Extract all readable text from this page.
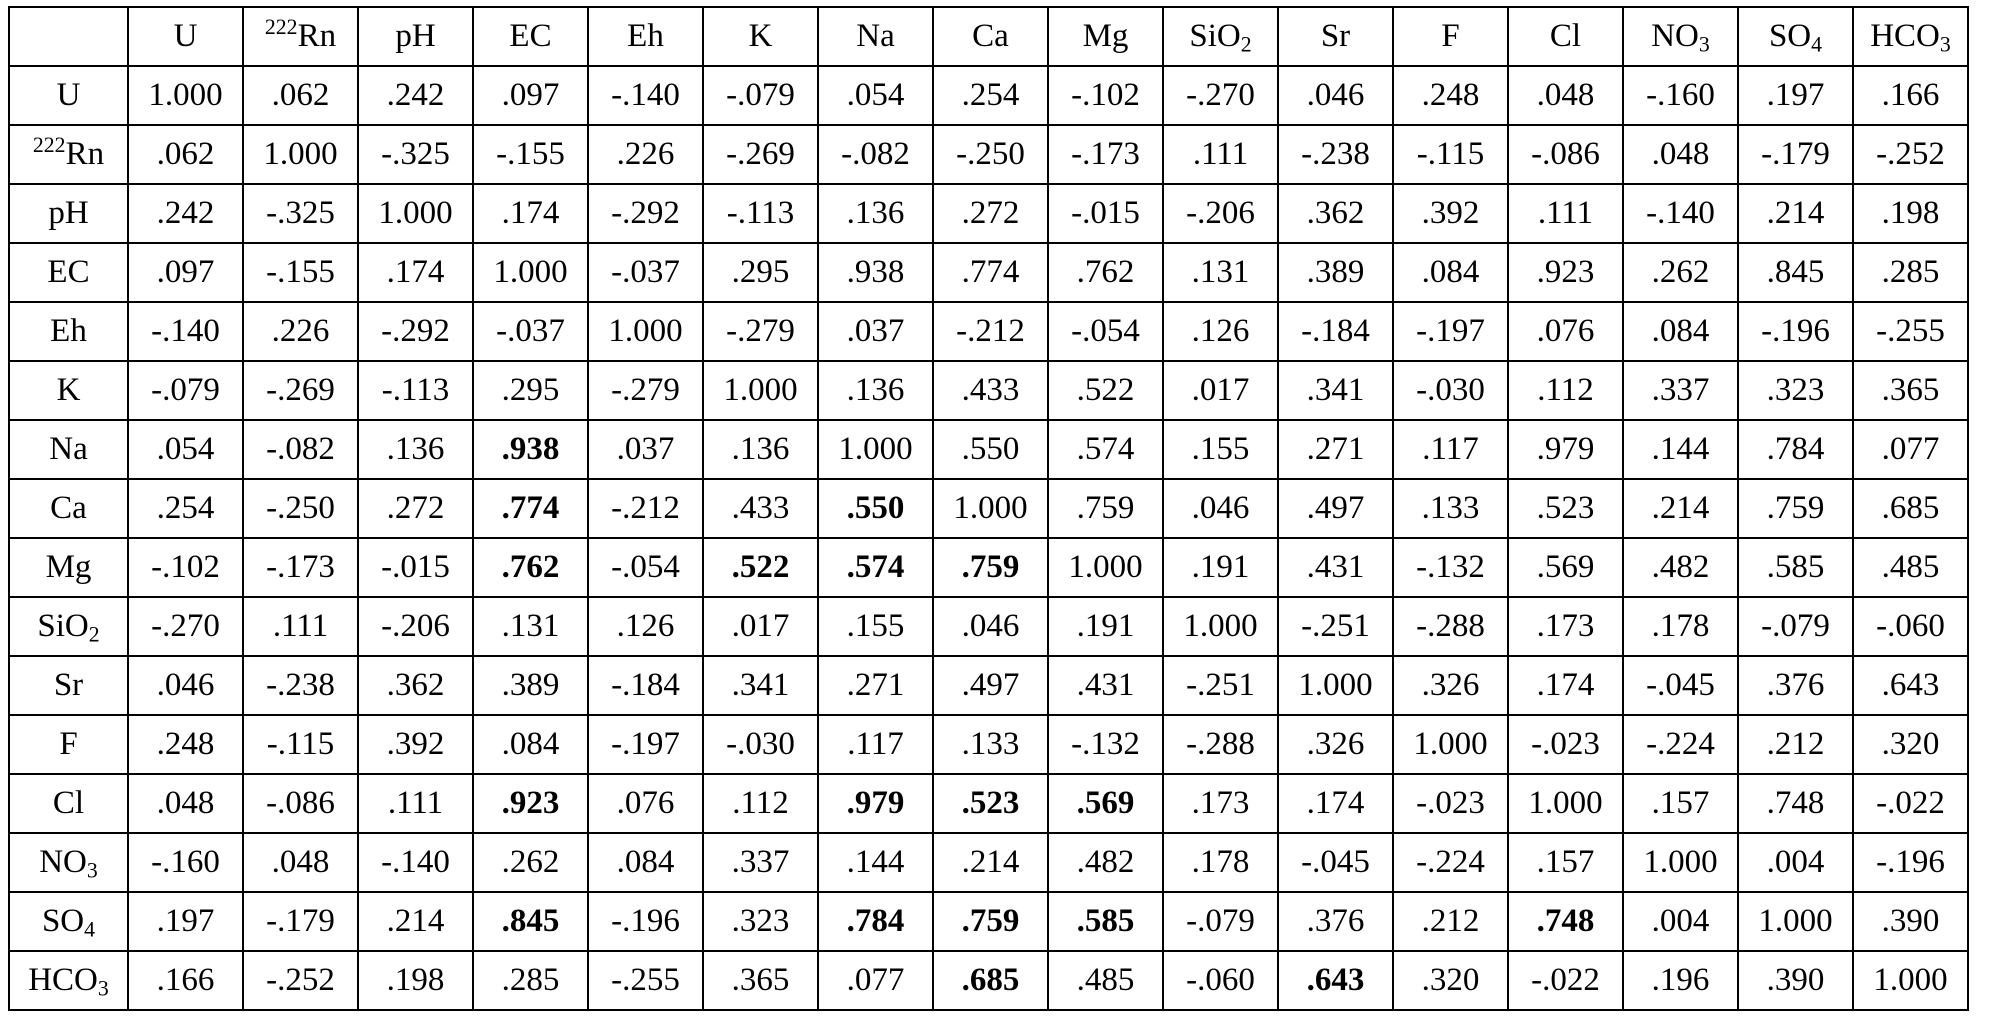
	U	$^{222}$Rn	pH	EC	Eh	K	Na	Ca	Mg	SiO$_2$	Sr	F	Cl	$NO_3$	$SO_4$	$HCO_3$
U	1.000	.062	.242	.097	-.140	-.079	.054	.254	-.102	-.270	.046	.248	.048	-.160	.197	.166
$^{222}$Rn	.062	1.000	-.325	-.155	.226	-.269	-.082	-.250	-.173	.111	-.238	-.115	-.086	.048	-.179	-.252
pH	.242	-.325	1.000	.174	-.292	-.113	.136	.272	-.015	-.206	.362	.392	.111	-.140	.214	.198
EC	.097	-.155	.174	1.000	-.037	.295	.938	.774	.762	.131	.389	.084	.923	.262	.845	.285
Eh	-.140	.226	-.292	-.037	1.000	-.279	.037	-.212	-.054	.126	-.184	-.197	.076	.084	-.196	-.255
K	-.079	-.269	-.113	.295	-.279	1.000	.136	.433	.522	.017	.341	-.030	.112	.337	.323	.365
Na	.054	-.082	.136	.938	.037	.136	1.000	.550	.574	.155	.271	.117	.979	.144	.784	.077
Ca	.254	-.250	.272	.774	-.212	.433	.550	1.000	.759	.046	.497	.133	.523	.214	.759	.685
Mg	-.102	-.173	-.015	.762	-.054	.522	.574	.759	1.000	.191	.431	-.132	.569	.482	.585	.485
SiO$_2$	-.270	.111	-.206	.131	.126	.017	.155	.046	.191	1.000	-.251	-.288	.173	.178	-.079	-.060
Sr	.046	-.238	.362	.389	-.184	.341	.271	.497	.431	-.251	1.000	.326	.174	-.045	.376	.643
F	.248	-.115	.392	.084	-.197	-.030	.117	.133	-.132	-.288	.326	1.000	-.023	-.224	.212	.320
Cl	.048	-.086	.111	.923	.076	.112	.979	.523	.569	.173	.174	-.023	1.000	.157	.748	-.022
$NO_3$	-.160	.048	-.140	.262	.084	.337	.144	.214	.482	.178	-.045	-.224	.157	1.000	.004	-.196
$SO_4$	.197	-.179	.214	.845	-.196	.323	.784	.759	.585	-.079	.376	.212	.748	.004	1.000	.390
$HCO_3$	.166	-.252	.198	.285	-.255	.365	.077	.685	.485	-.060	.643	.320	-.022	.196	.390	1.000
